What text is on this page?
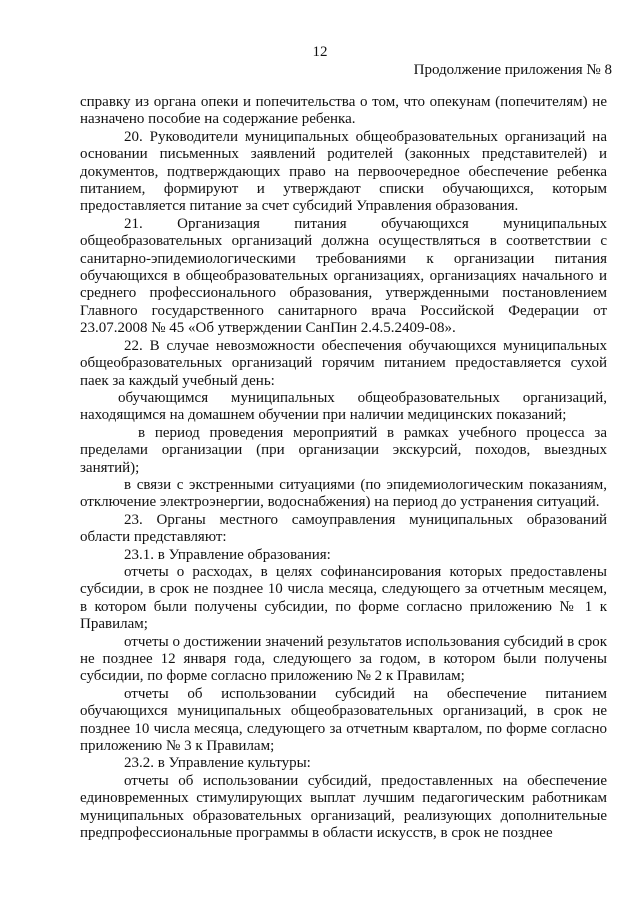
12
Продолжение приложения № 8

справку из органа опеки и попечительства о том, что опекунам (попечителям) не назначено пособие на содержание ребенка.

20. Руководители муниципальных общеобразовательных организаций на основании письменных заявлений родителей (законных представителей) и документов, подтверждающих право на первоочередное обеспечение ребенка питанием, формируют и утверждают списки обучающихся, которым предоставляется питание за счет субсидий Управления образования.

21. Организация питания обучающихся муниципальных общеобразовательных организаций должна осуществляться в соответствии с санитарно-эпидемиологическими требованиями к организации питания обучающихся в общеобразовательных организациях, организациях начального и среднего профессионального образования, утвержденными постановлением Главного государственного санитарного врача Российской Федерации от 23.07.2008 № 45 «Об утверждении СанПин 2.4.5.2409-08».

22. В случае невозможности обеспечения обучающихся муниципальных общеобразовательных организаций горячим питанием предоставляется сухой паек за каждый учебный день:

обучающимся муниципальных общеобразовательных организаций, находящимся на домашнем обучении при наличии медицинских показаний;

в период проведения мероприятий в рамках учебного процесса за пределами организации (при организации экскурсий, походов, выездных занятий);

в связи с экстренными ситуациями (по эпидемиологическим показаниям, отключение электроэнергии, водоснабжения) на период до устранения ситуаций.

23. Органы местного самоуправления муниципальных образований области представляют:

23.1. в Управление образования:

отчеты о расходах, в целях софинансирования которых предоставлены субсидии, в срок не позднее 10 числа месяца, следующего за отчетным месяцем, в котором были получены субсидии, по форме согласно приложению № 1 к Правилам;

отчеты о достижении значений результатов использования субсидий в срок не позднее 12 января года, следующего за годом, в котором были получены субсидии, по форме согласно приложению № 2 к Правилам;

отчеты об использовании субсидий на обеспечение питанием обучающихся муниципальных общеобразовательных организаций, в срок не позднее 10 числа месяца, следующего за отчетным кварталом, по форме согласно приложению № 3 к Правилам;

23.2. в Управление культуры:

отчеты об использовании субсидий, предоставленных на обеспечение единовременных стимулирующих выплат лучшим педагогическим работникам муниципальных образовательных организаций, реализующих дополнительные предпрофессиональные программы в области искусств, в срок не позднее
